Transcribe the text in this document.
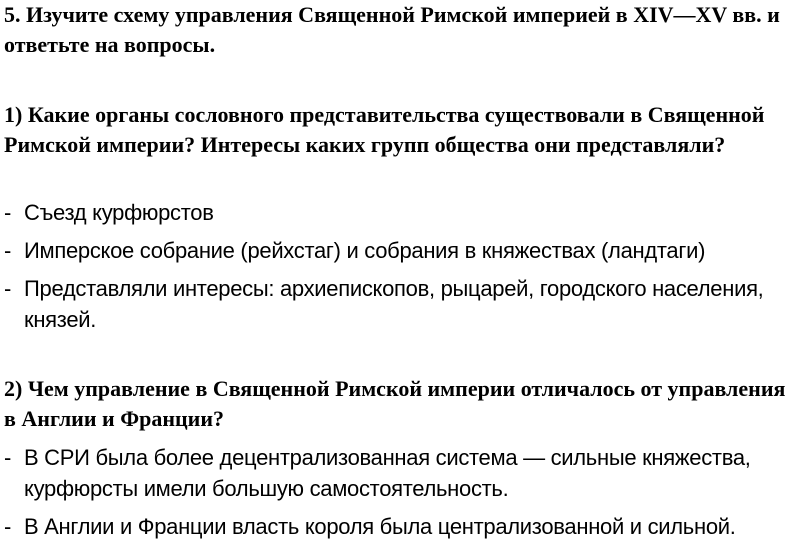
5. Изучите схему управления Священной Римской империей в XIV—XV вв. и ответьте на вопросы.

1) Какие органы сословного представительства существовали в Священной Римской империи? Интересы каких групп общества они представляли?

- Съезд курфюрстов
- Имперское собрание (рейхстаг) и собрания в княжествах (ландтаги)
- Представляли интересы: архиепископов, рыцарей, городского населения, князей.

2) Чем управление в Священной Римской империи отличалось от управления в Англии и Франции?

- В СРИ была более децентрализованная система — сильные княжества, курфюрсты имели большую самостоятельность.
- В Англии и Франции власть короля была централизованной и сильной.
